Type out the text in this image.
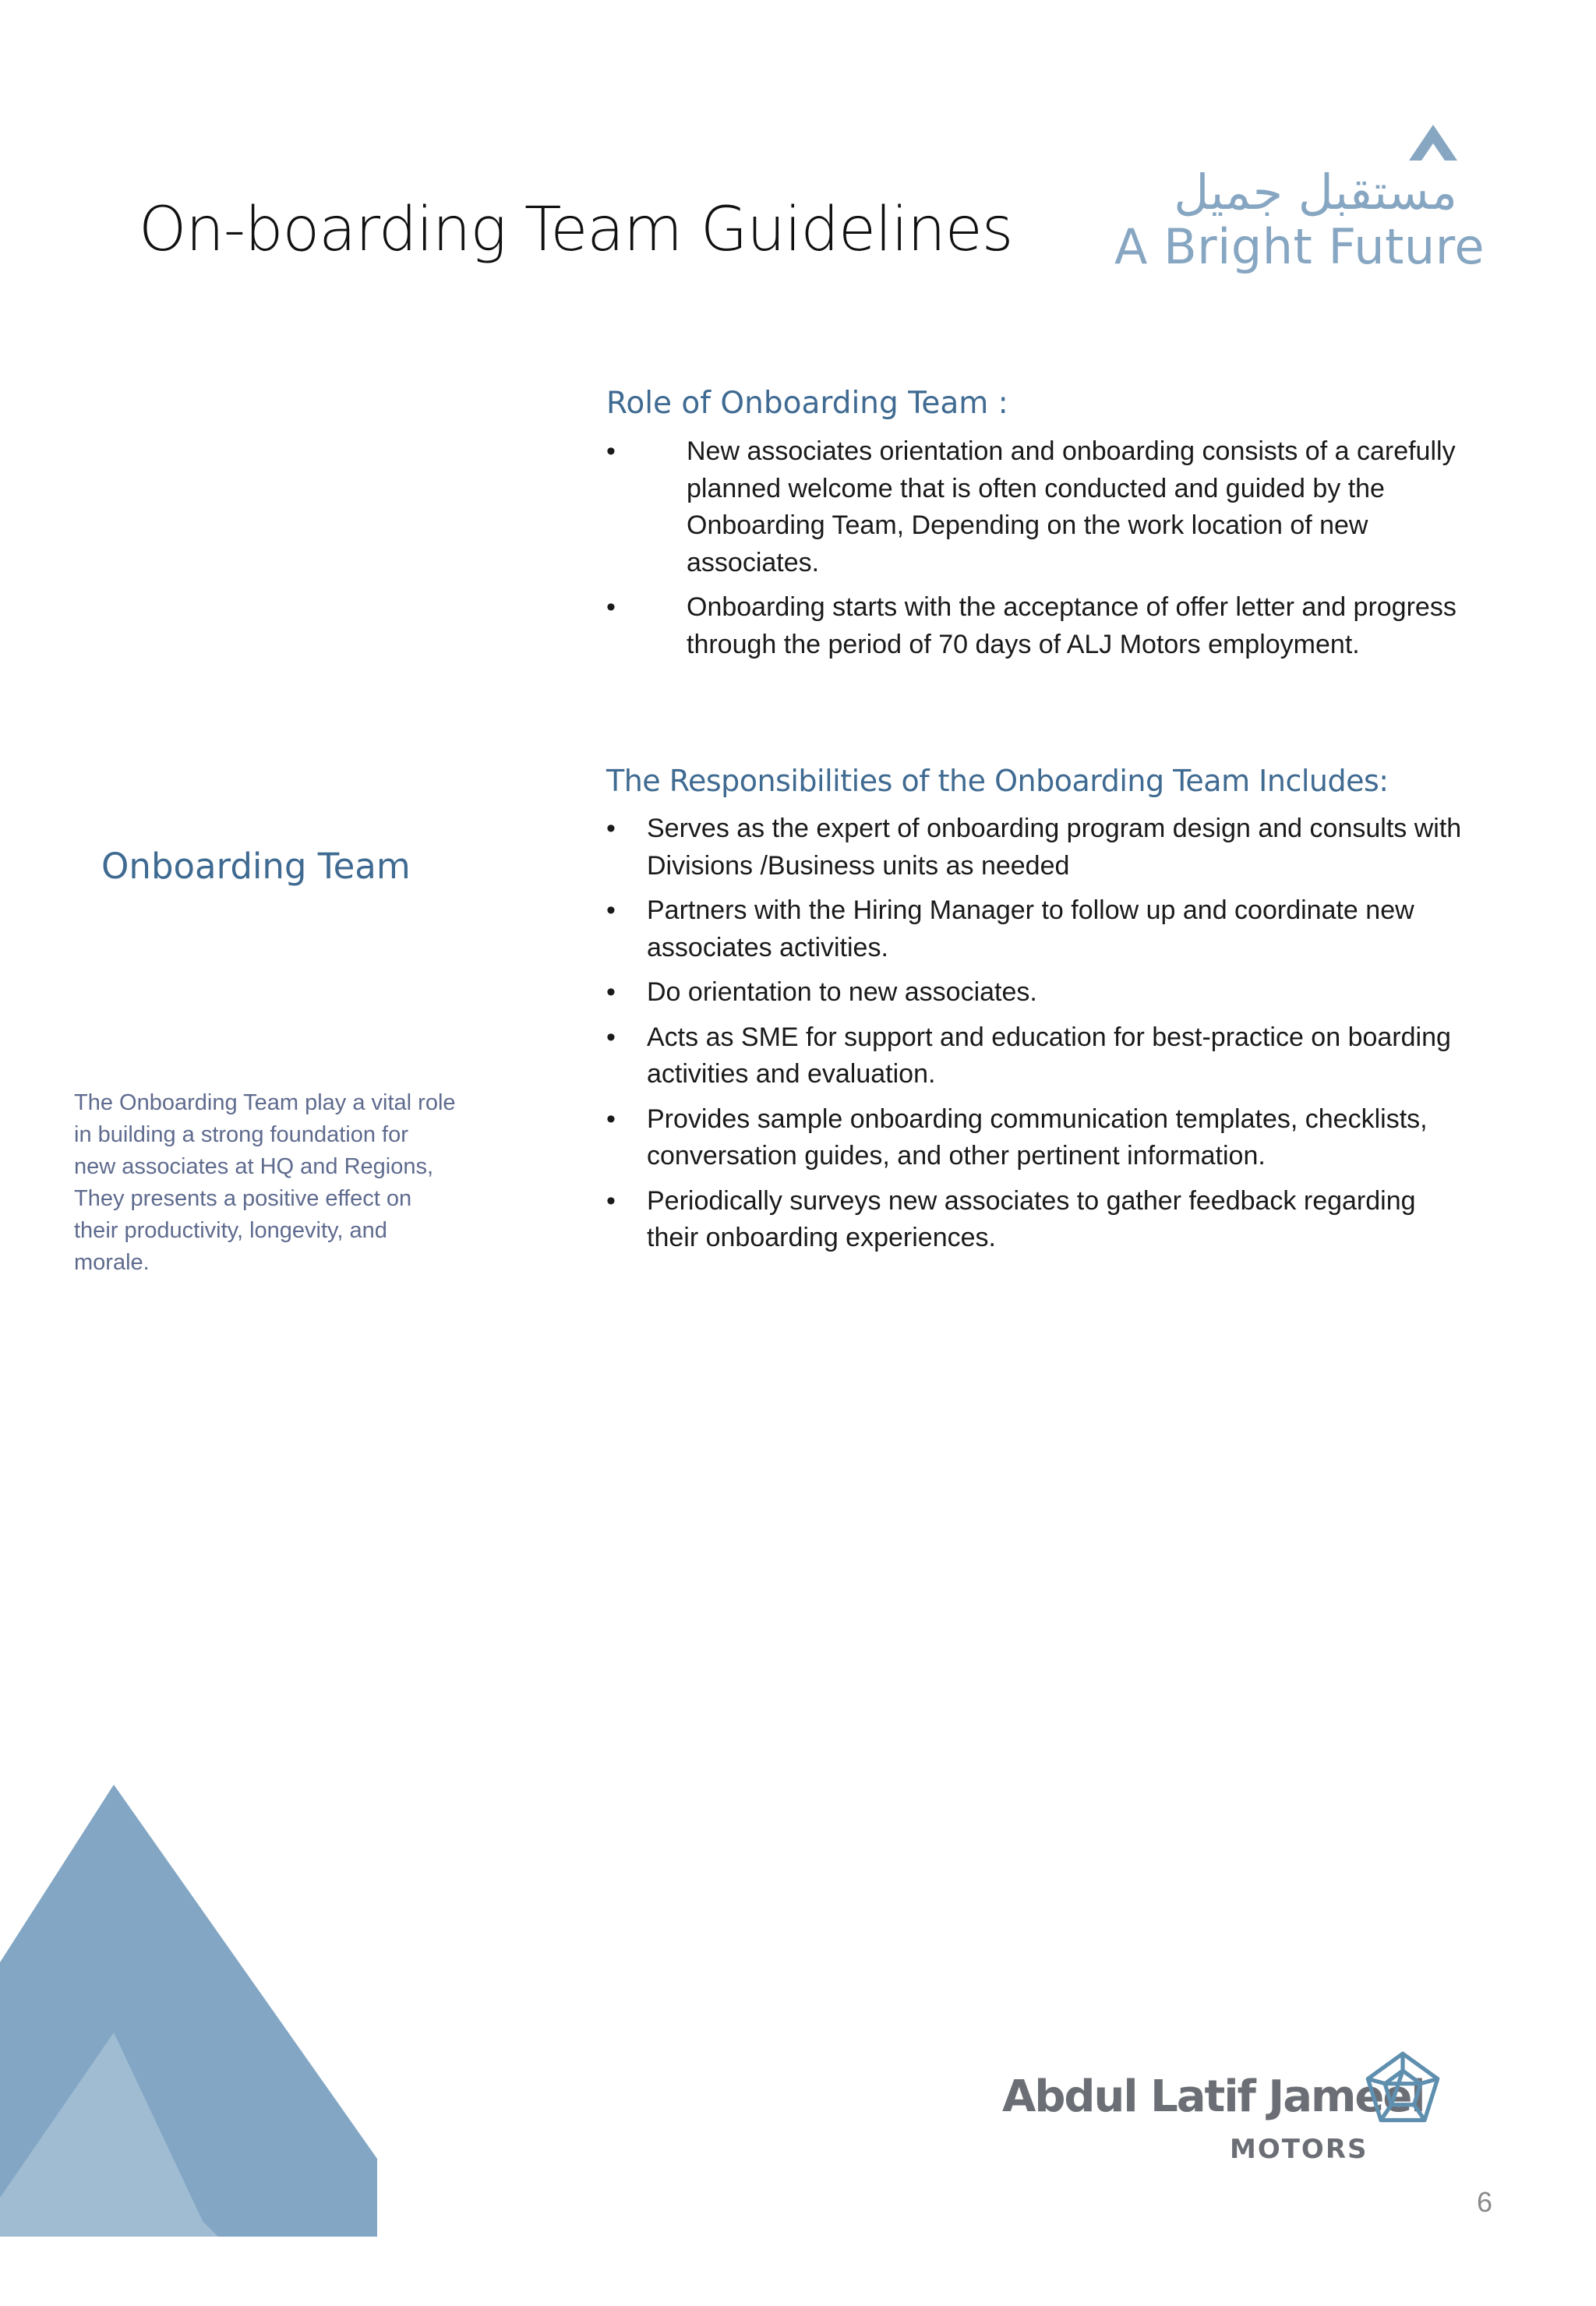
On-boarding Team Guidelines
مستقبل جميل
A Bright Future
Onboarding Team

The Onboarding Team play a vital role in building a strong foundation for new associates at HQ and Regions, They presents a positive effect on their productivity, longevity, and morale.

Role of Onboarding Team :
•	New associates orientation and onboarding consists of a carefully planned welcome that is often conducted and guided by the Onboarding Team, Depending on the work location of new associates.
•	Onboarding starts with the acceptance of offer letter and progress through the period of 70 days of ALJ Motors employment.
The Responsibilities of the Onboarding Team Includes:
• Serves as the expert of onboarding program design and consults with Divisions /Business units as needed
• Partners with the Hiring Manager to follow up and coordinate new associates activities.
• Do orientation to new associates.
• Acts as SME for support and education for best-practice on boarding activities and evaluation.
• Provides sample onboarding communication templates, checklists, conversation guides, and other pertinent information.
• Periodically surveys new associates to gather feedback regarding their onboarding experiences.
Abdul Latif Jameel
MOTORS
6
